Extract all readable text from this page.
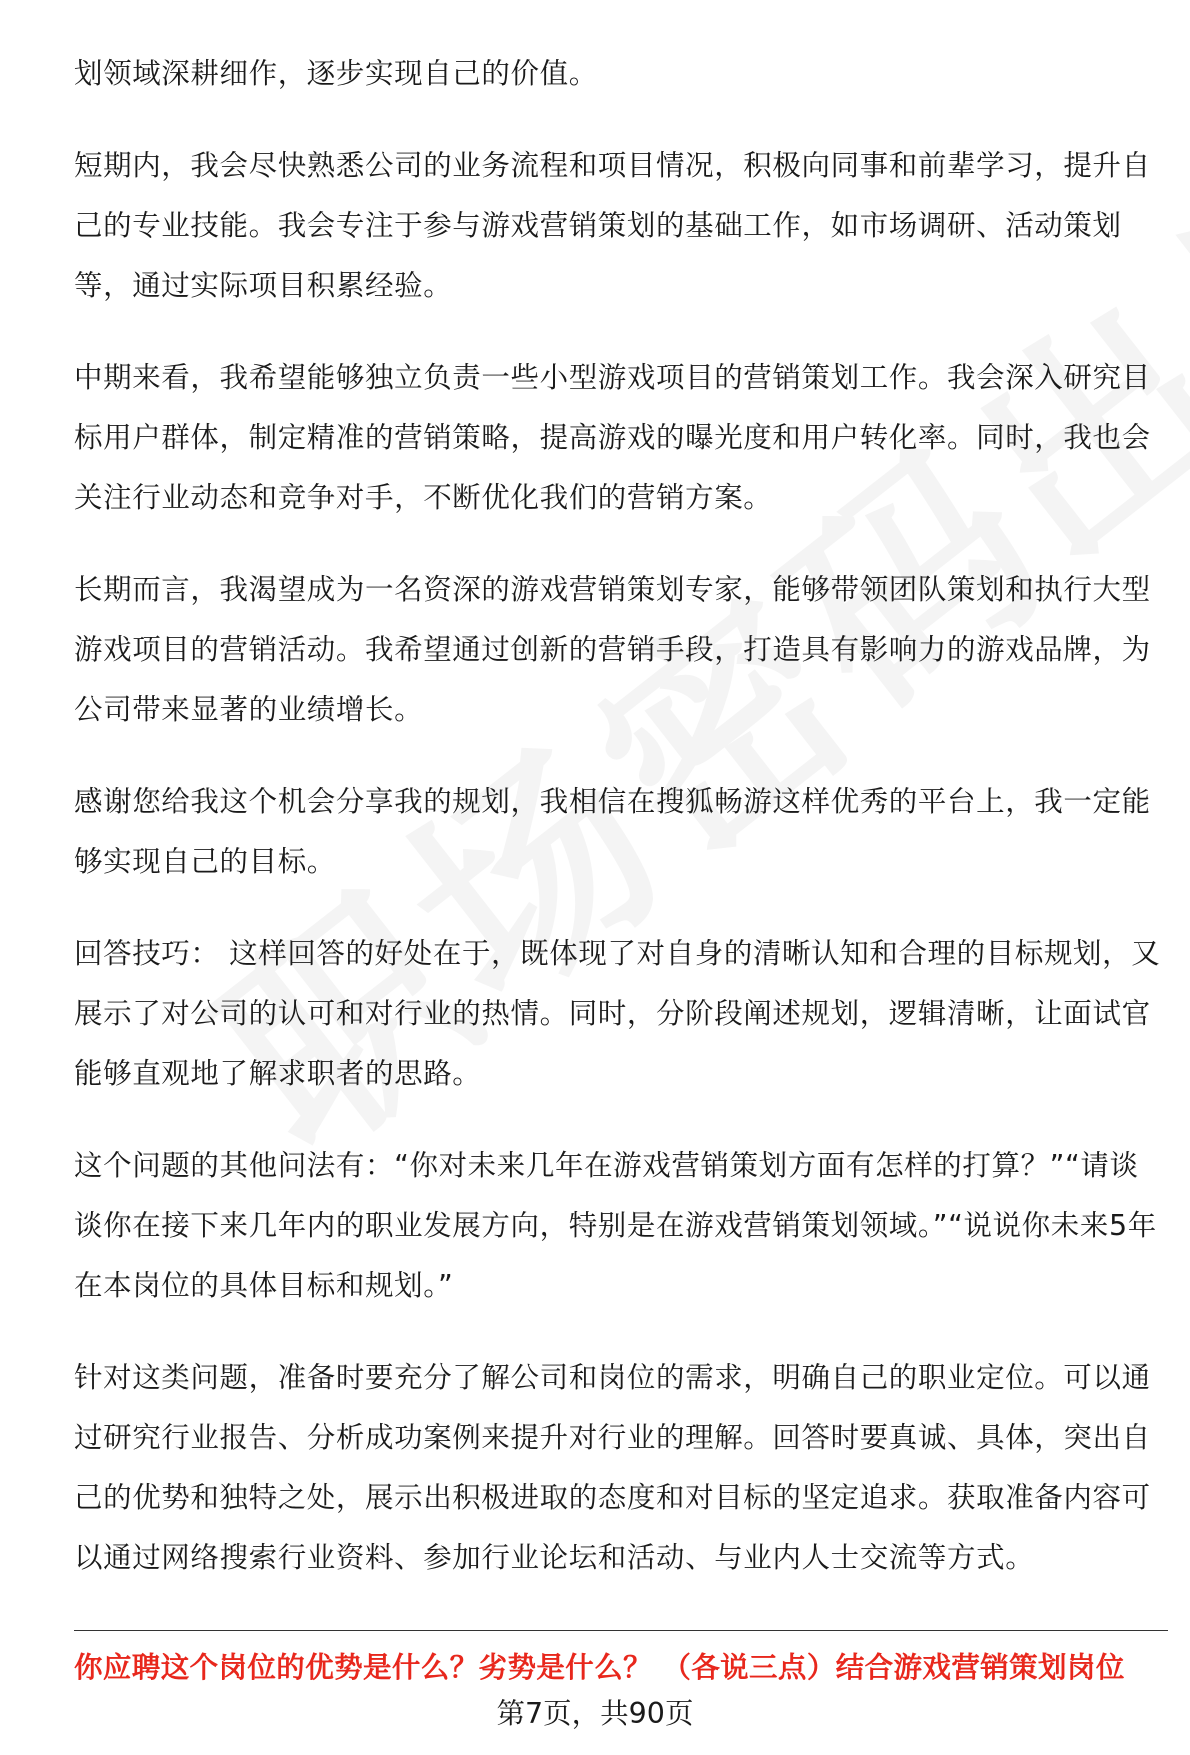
划领域深耕细作，逐步实现自己的价值。

短期内，我会尽快熟悉公司的业务流程和项目情况，积极向同事和前辈学习，提升自己的专业技能。我会专注于参与游戏营销策划的基础工作，如市场调研、活动策划等，通过实际项目积累经验。

中期来看，我希望能够独立负责一些小型游戏项目的营销策划工作。我会深入研究目标用户群体，制定精准的营销策略，提高游戏的曝光度和用户转化率。同时，我也会关注行业动态和竞争对手，不断优化我们的营销方案。

长期而言，我渴望成为一名资深的游戏营销策划专家，能够带领团队策划和执行大型游戏项目的营销活动。我希望通过创新的营销手段，打造具有影响力的游戏品牌，为公司带来显著的业绩增长。

感谢您给我这个机会分享我的规划，我相信在搜狐畅游这样优秀的平台上，我一定能够实现自己的目标。

回答技巧： 这样回答的好处在于，既体现了对自身的清晰认知和合理的目标规划，又展示了对公司的认可和对行业的热情。同时，分阶段阐述规划，逻辑清晰，让面试官能够直观地了解求职者的思路。

这个问题的其他问法有：“你对未来几年在游戏营销策划方面有怎样的打算？”“请谈谈你在接下来几年内的职业发展方向，特别是在游戏营销策划领域。”“说说你未来5年在本岗位的具体目标和规划。”

针对这类问题，准备时要充分了解公司和岗位的需求，明确自己的职业定位。可以通过研究行业报告、分析成功案例来提升对行业的理解。回答时要真诚、具体，突出自己的优势和独特之处，展示出积极进取的态度和对目标的坚定追求。获取准备内容可以通过网络搜索行业资料、参加行业论坛和活动、与业内人士交流等方式。

你应聘这个岗位的优势是什么？劣势是什么？ （各说三点）结合游戏营销策划岗位
第7页，共90页
